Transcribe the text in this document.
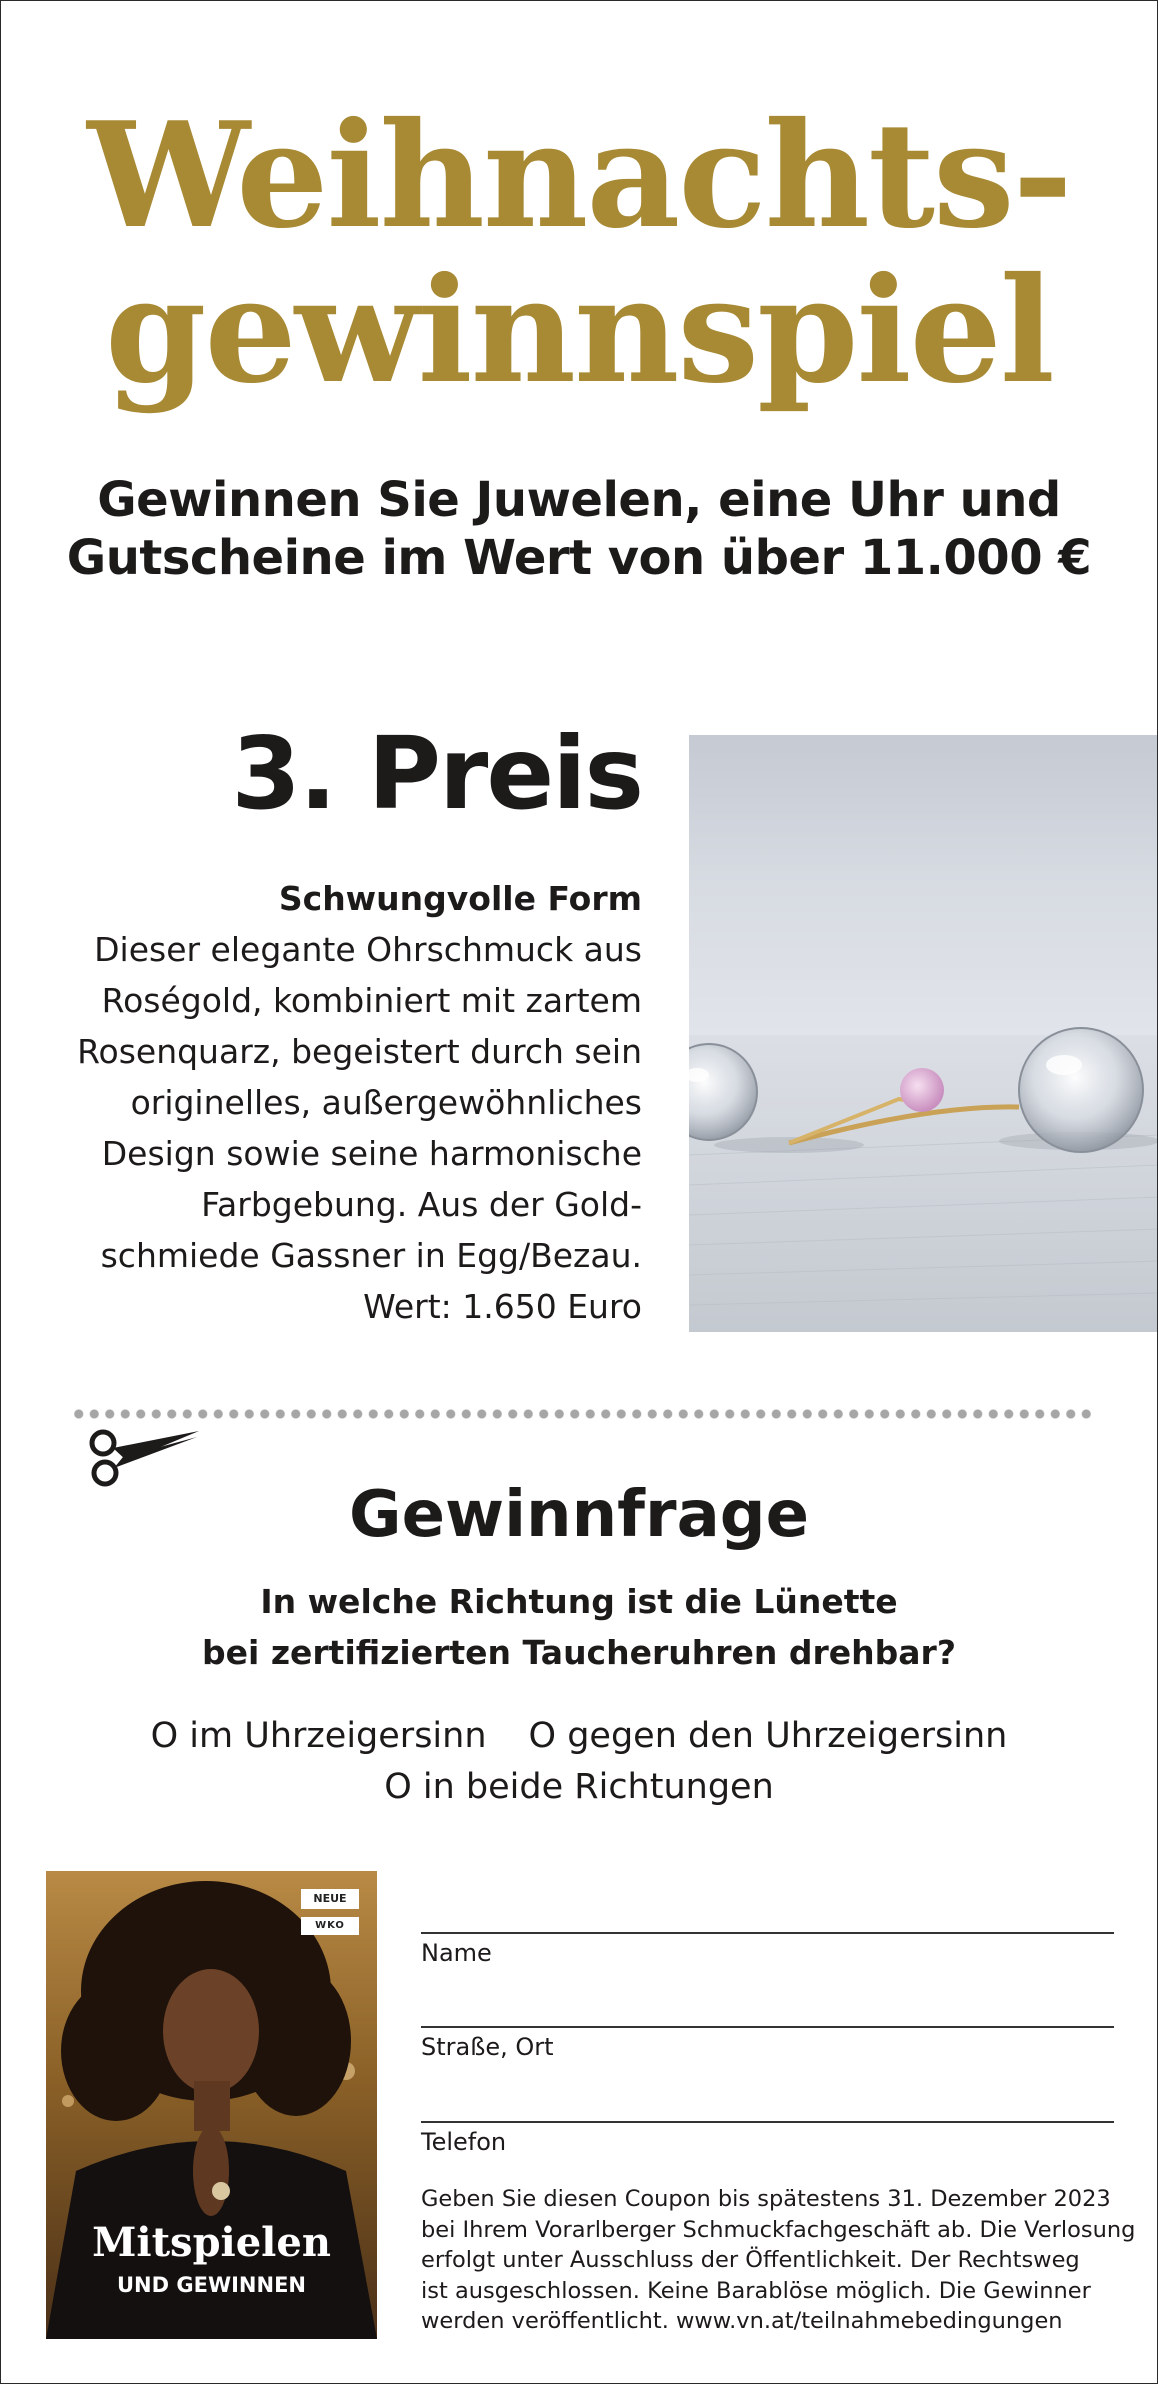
Weihnachts-
gewinnspiel
Gewinnen Sie Juwelen, eine Uhr und
Gutscheine im Wert von über 11.000 €
3. Preis
Schwungvolle Form
Dieser elegante Ohrschmuck aus
Roségold, kombiniert mit zartem
Rosenquarz, begeistert durch sein
originelles, außergewöhnliches
Design sowie seine harmonische
Farbgebung. Aus der Gold-
schmiede Gassner in Egg/Bezau.
Wert: 1.650 Euro
Gewinnfrage
In welche Richtung ist die Lünette
bei zertifizierten Taucheruhren drehbar?
O im Uhrzeigersinn O gegen den Uhrzeigersinn
O in beide Richtungen
NEUE
WKO
Mitspielen
UND GEWINNEN
Name
Straße, Ort
Telefon
Geben Sie diesen Coupon bis spätestens 31. Dezember 2023
bei Ihrem Vorarlberger Schmuckfachgeschäft ab. Die Verlosung
erfolgt unter Ausschluss der Öffentlichkeit. Der Rechtsweg
ist ausgeschlossen. Keine Barablöse möglich. Die Gewinner
werden veröffentlicht. www.vn.at/teilnahmebedingungen
